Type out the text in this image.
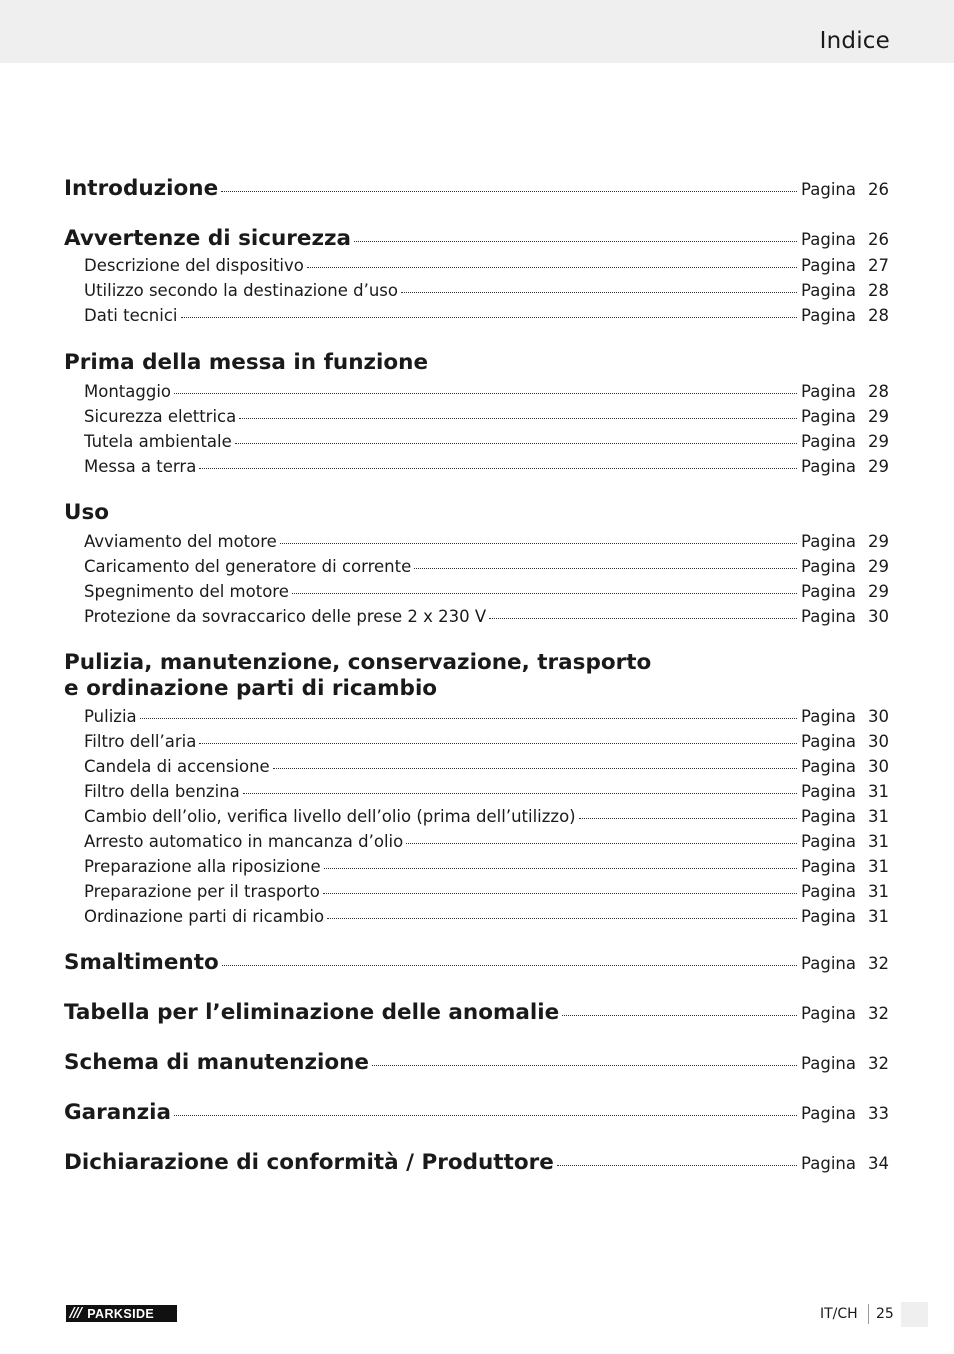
Indice
Introduzione	Pagina 26
Avvertenze di sicurezza	Pagina 26
Descrizione del dispositivo	Pagina 27
Utilizzo secondo la destinazione d’uso	Pagina 28
Dati tecnici	Pagina 28
Prima della messa in funzione
Montaggio	Pagina 28
Sicurezza elettrica	Pagina 29
Tutela ambientale	Pagina 29
Messa a terra	Pagina 29
Uso
Avviamento del motore	Pagina 29
Caricamento del generatore di corrente	Pagina 29
Spegnimento del motore	Pagina 29
Protezione da sovraccarico delle prese 2 x 230 V	Pagina 30
Pulizia, manutenzione, conservazione, trasporto
e ordinazione parti di ricambio
Pulizia	Pagina 30
Filtro dell’aria	Pagina 30
Candela di accensione	Pagina 30
Filtro della benzina	Pagina 31
Cambio dell’olio, verifica livello dell’olio (prima dell’utilizzo)	Pagina 31
Arresto automatico in mancanza d’olio	Pagina 31
Preparazione alla riposizione	Pagina 31
Preparazione per il trasporto	Pagina 31
Ordinazione parti di ricambio	Pagina 31
Smaltimento	Pagina 32
Tabella per l’eliminazione delle anomalie	Pagina 32
Schema di manutenzione	Pagina 32
Garanzia	Pagina 33
Dichiarazione di conformità / Produttore	Pagina 34
/// PARKSIDE	IT/CH 25
